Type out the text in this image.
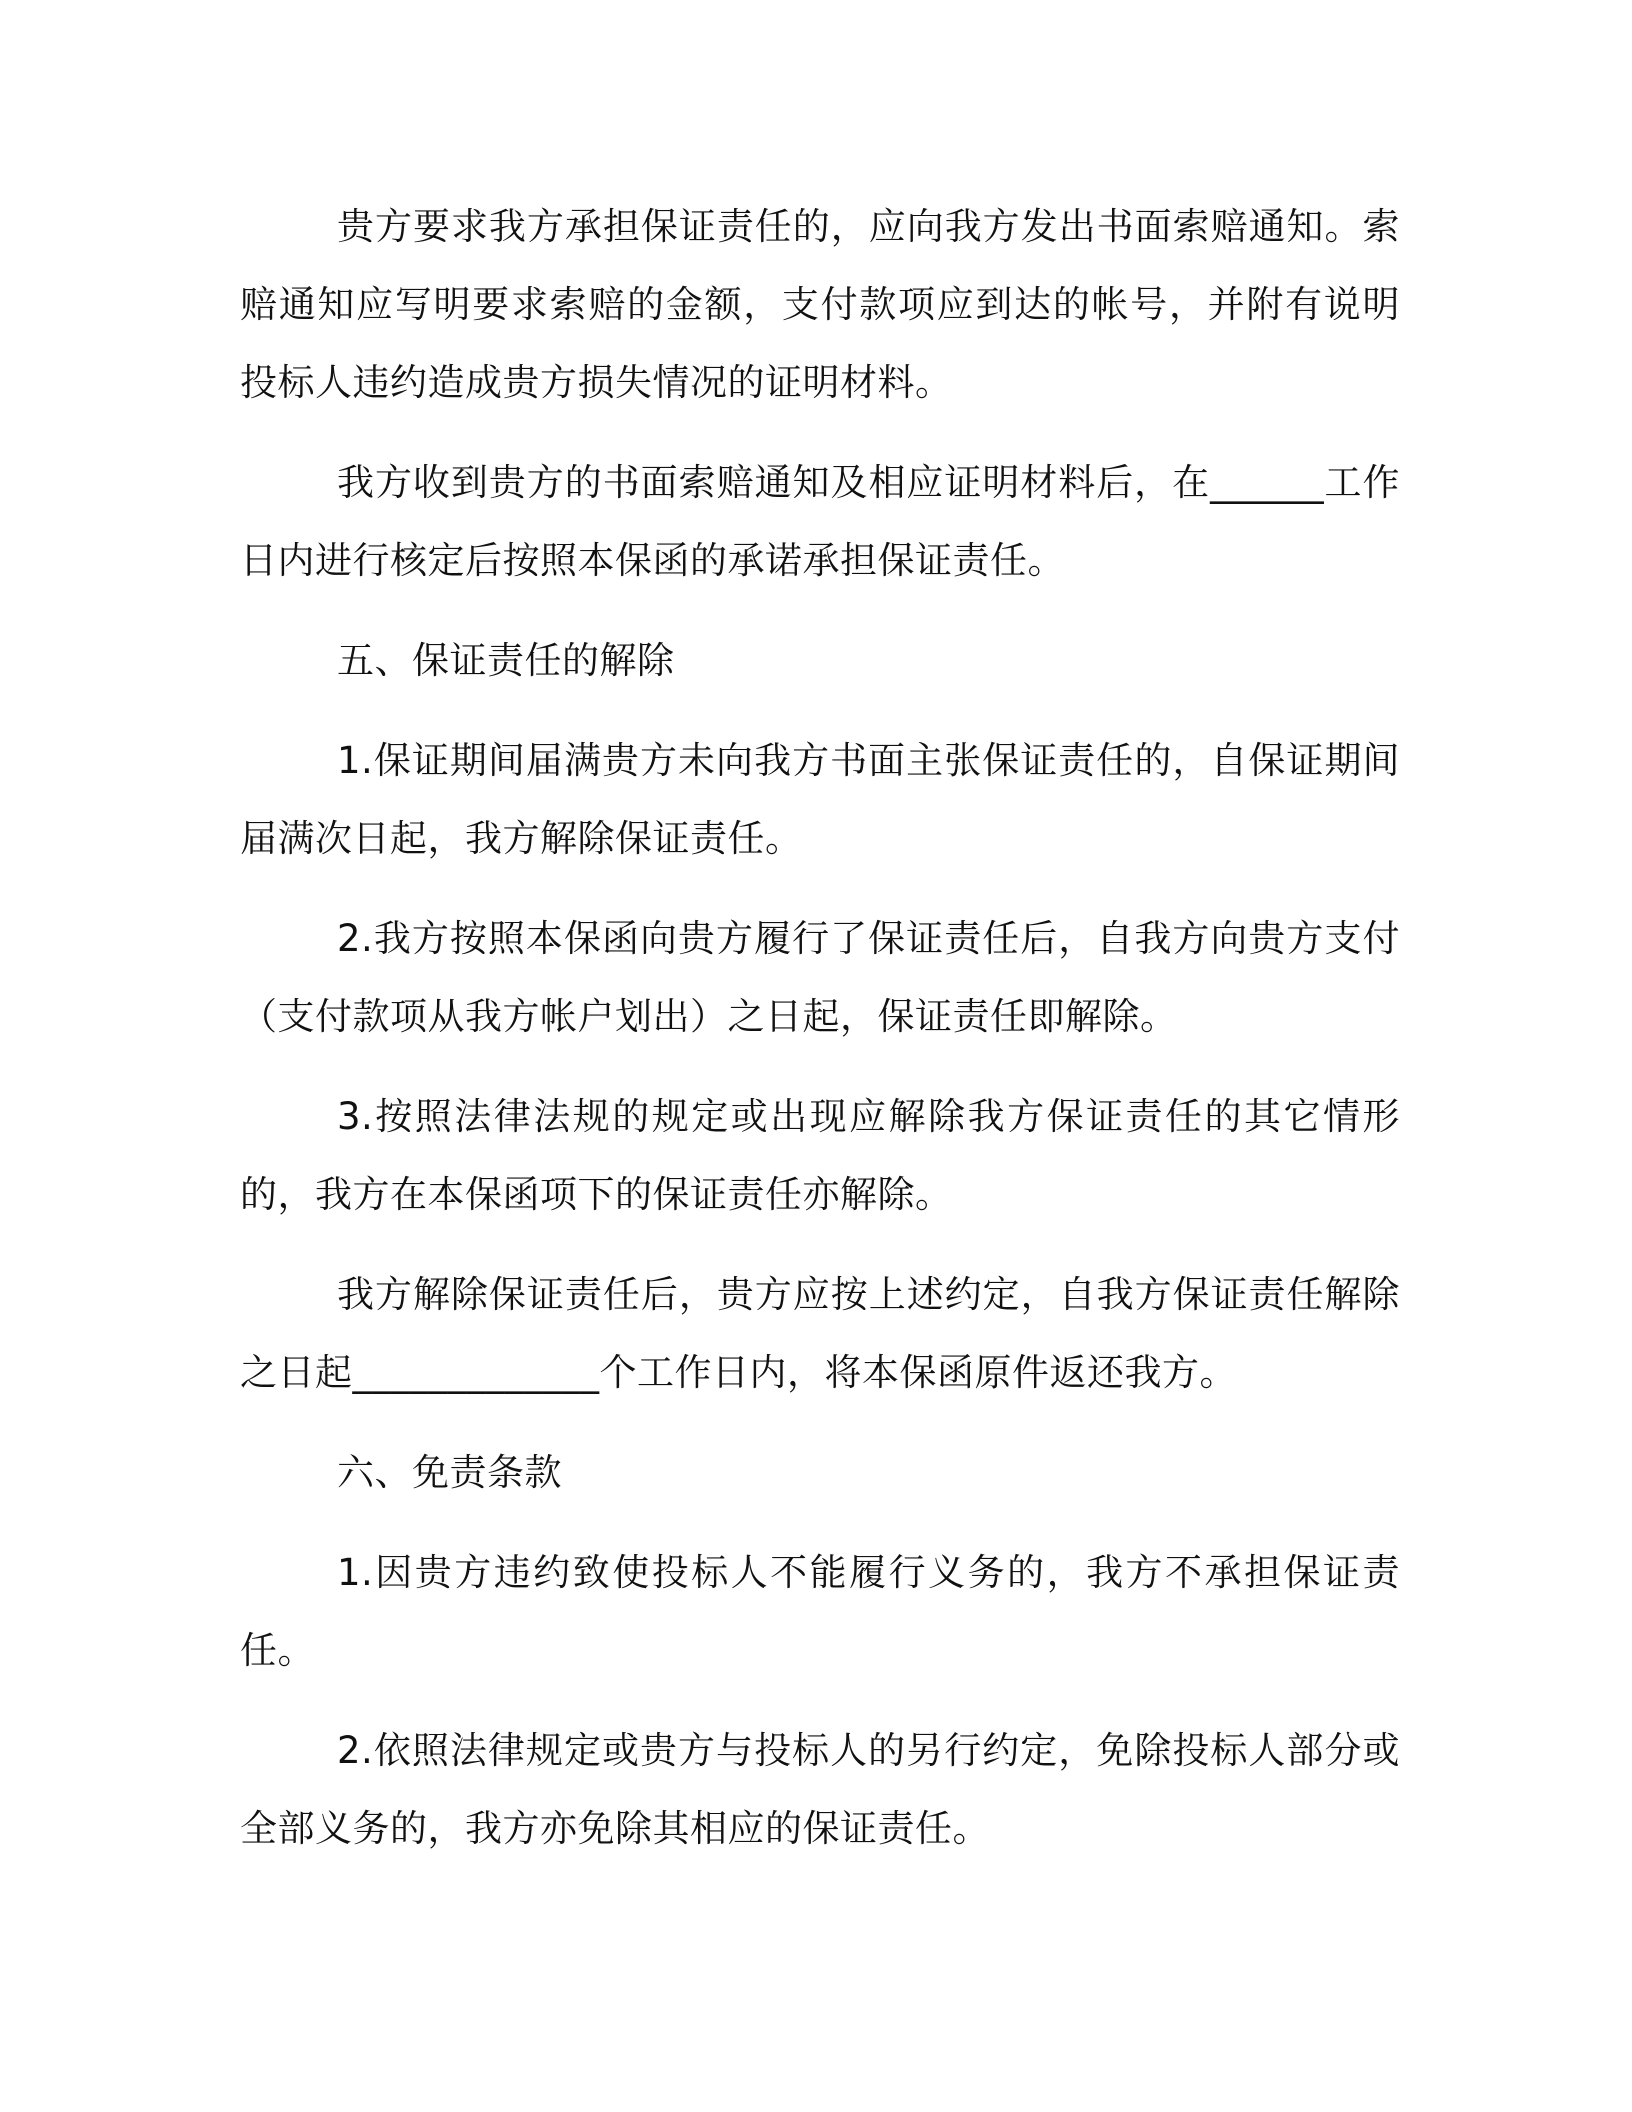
贵方要求我方承担保证责任的，应向我方发出书面索赔通知。索赔通知应写明要求索赔的金额，支付款项应到达的帐号，并附有说明投标人违约造成贵方损失情况的证明材料。

我方收到贵方的书面索赔通知及相应证明材料后，在______工作日内进行核定后按照本保函的承诺承担保证责任。

五、保证责任的解除

1.保证期间届满贵方未向我方书面主张保证责任的，自保证期间届满次日起，我方解除保证责任。

2.我方按照本保函向贵方履行了保证责任后，自我方向贵方支付（支付款项从我方帐户划出）之日起，保证责任即解除。

3.按照法律法规的规定或出现应解除我方保证责任的其它情形的，我方在本保函项下的保证责任亦解除。

我方解除保证责任后，贵方应按上述约定，自我方保证责任解除之日起_____________个工作日内，将本保函原件返还我方。

六、免责条款

1.因贵方违约致使投标人不能履行义务的，我方不承担保证责任。

2.依照法律规定或贵方与投标人的另行约定，免除投标人部分或全部义务的，我方亦免除其相应的保证责任。
